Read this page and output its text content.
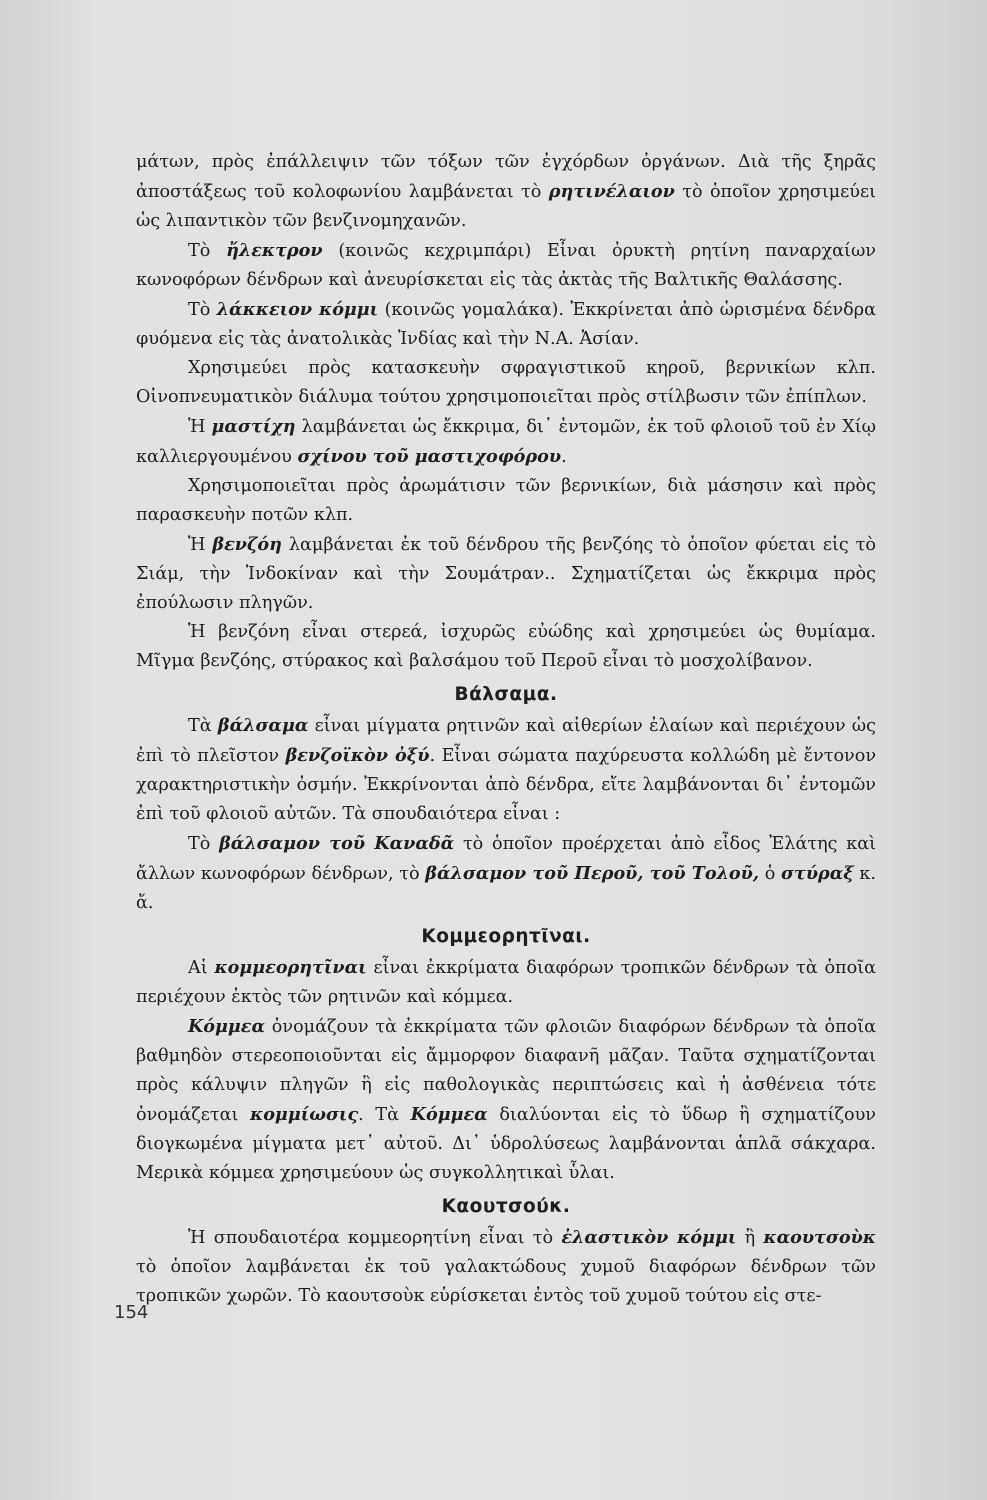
μάτων, πρὸς ἐπάλλειψιν τῶν τόξων τῶν ἐγχόρδων ὀργάνων. Διὰ τῆς ξηρᾶς ἀποστάξεως τοῦ κολοφωνίου λαμβάνεται τὸ ρητινέλαιον τὸ ὁποῖον χρησιμεύει ὡς λιπαντικὸν τῶν βενζινομηχανῶν.

Τὸ ἤλεκτρον (κοινῶς κεχριμπάρι) Εἶναι ὀρυκτὴ ρητίνη παναρχαίων κωνοφόρων δένδρων καὶ ἀνευρίσκεται εἰς τὰς ἀκτὰς τῆς Βαλτικῆς Θαλάσσης.

Τὸ λάκκειον κόμμι (κοινῶς γομαλάκα). Ἐκκρίνεται ἀπὸ ὡρισμένα δένδρα φυόμενα εἰς τὰς ἀνατολικὰς Ἰνδίας καὶ τὴν Ν.Α. Ἀσίαν.

Χρησιμεύει πρὸς κατασκευὴν σφραγιστικοῦ κηροῦ, βερνικίων κλπ. Οἰνοπνευματικὸν διάλυμα τούτου χρησιμοποιεῖται πρὸς στίλβωσιν τῶν ἐπίπλων.

Ἡ μαστίχη λαμβάνεται ὡς ἔκκριμα, δι᾽ ἐντομῶν, ἐκ τοῦ φλοιοῦ τοῦ ἐν Χίῳ καλλιεργουμένου σχίνου τοῦ μαστιχοφόρου.

Χρησιμοποιεῖται πρὸς ἀρωμάτισιν τῶν βερνικίων, διὰ μάσησιν καὶ πρὸς παρασκευὴν ποτῶν κλπ.

Ἡ βενζόη λαμβάνεται ἐκ τοῦ δένδρου τῆς βενζόης τὸ ὁποῖον φύεται εἰς τὸ Σιάμ, τὴν Ἰνδοκίναν καὶ τὴν Σουμάτραν.. Σχηματίζεται ὡς ἔκκριμα πρὸς ἐπούλωσιν πληγῶν.

Ἡ βενζόνη εἶναι στερεά, ἰσχυρῶς εὐώδης καὶ χρησιμεύει ὡς θυμίαμα. Μῖγμα βενζόης, στύρακος καὶ βαλσάμου τοῦ Περοῦ εἶναι τὸ μοσχολίβανον.

Βάλσαμα.

Τὰ βάλσαμα εἶναι μίγματα ρητινῶν καὶ αἰθερίων ἐλαίων καὶ περιέχουν ὡς ἐπὶ τὸ πλεῖστον βενζοϊκὸν ὀξύ. Εἶναι σώματα παχύρευστα κολλώδη μὲ ἔντονον χαρακτηριστικὴν ὀσμήν. Ἐκκρίνονται ἀπὸ δένδρα, εἴτε λαμβάνονται δι᾽ ἐντομῶν ἐπὶ τοῦ φλοιοῦ αὐτῶν. Τὰ σπουδαιότερα εἶναι :

Τὸ βάλσαμον τοῦ Καναδᾶ τὸ ὁποῖον προέρχεται ἀπὸ εἶδος Ἐλάτης καὶ ἄλλων κωνοφόρων δένδρων, τὸ βάλσαμον τοῦ Περοῦ, τοῦ Τολοῦ, ὁ στύραξ κ. ἄ.

Κομμεορητῖναι.

Αἱ κομμεορητῖναι εἶναι ἐκκρίματα διαφόρων τροπικῶν δένδρων τὰ ὁποῖα περιέχουν ἐκτὸς τῶν ρητινῶν καὶ κόμμεα.

Κόμμεα ὀνομάζουν τὰ ἐκκρίματα τῶν φλοιῶν διαφόρων δένδρων τὰ ὁποῖα βαθμηδὸν στερεοποιοῦνται εἰς ἄμμορφον διαφανῆ μᾶζαν. Ταῦτα σχηματίζονται πρὸς κάλυψιν πληγῶν ἢ εἰς παθολογικὰς περιπτώσεις καὶ ἡ ἀσθένεια τότε ὀνομάζεται κομμίωσις. Τὰ Κόμμεα διαλύονται εἰς τὸ ὕδωρ ἢ σχηματίζουν διογκωμένα μίγματα μετ᾽ αὐτοῦ. Δι᾽ ὑδρολύσεως λαμβάνονται ἁπλᾶ σάκχαρα. Μερικὰ κόμμεα χρησιμεύουν ὡς συγκολλητικαὶ ὗλαι.

Καουτσούκ.

Ἡ σπουδαιοτέρα κομμεορητίνη εἶναι τὸ ἐλαστικὸν κόμμι ἢ καουτσοὺκ τὸ ὁποῖον λαμβάνεται ἐκ τοῦ γαλακτώδους χυμοῦ διαφόρων δένδρων τῶν τροπικῶν χωρῶν. Τὸ καουτσοὺκ εὑρίσκεται ἐντὸς τοῦ χυμοῦ τούτου εἰς στε-

154
